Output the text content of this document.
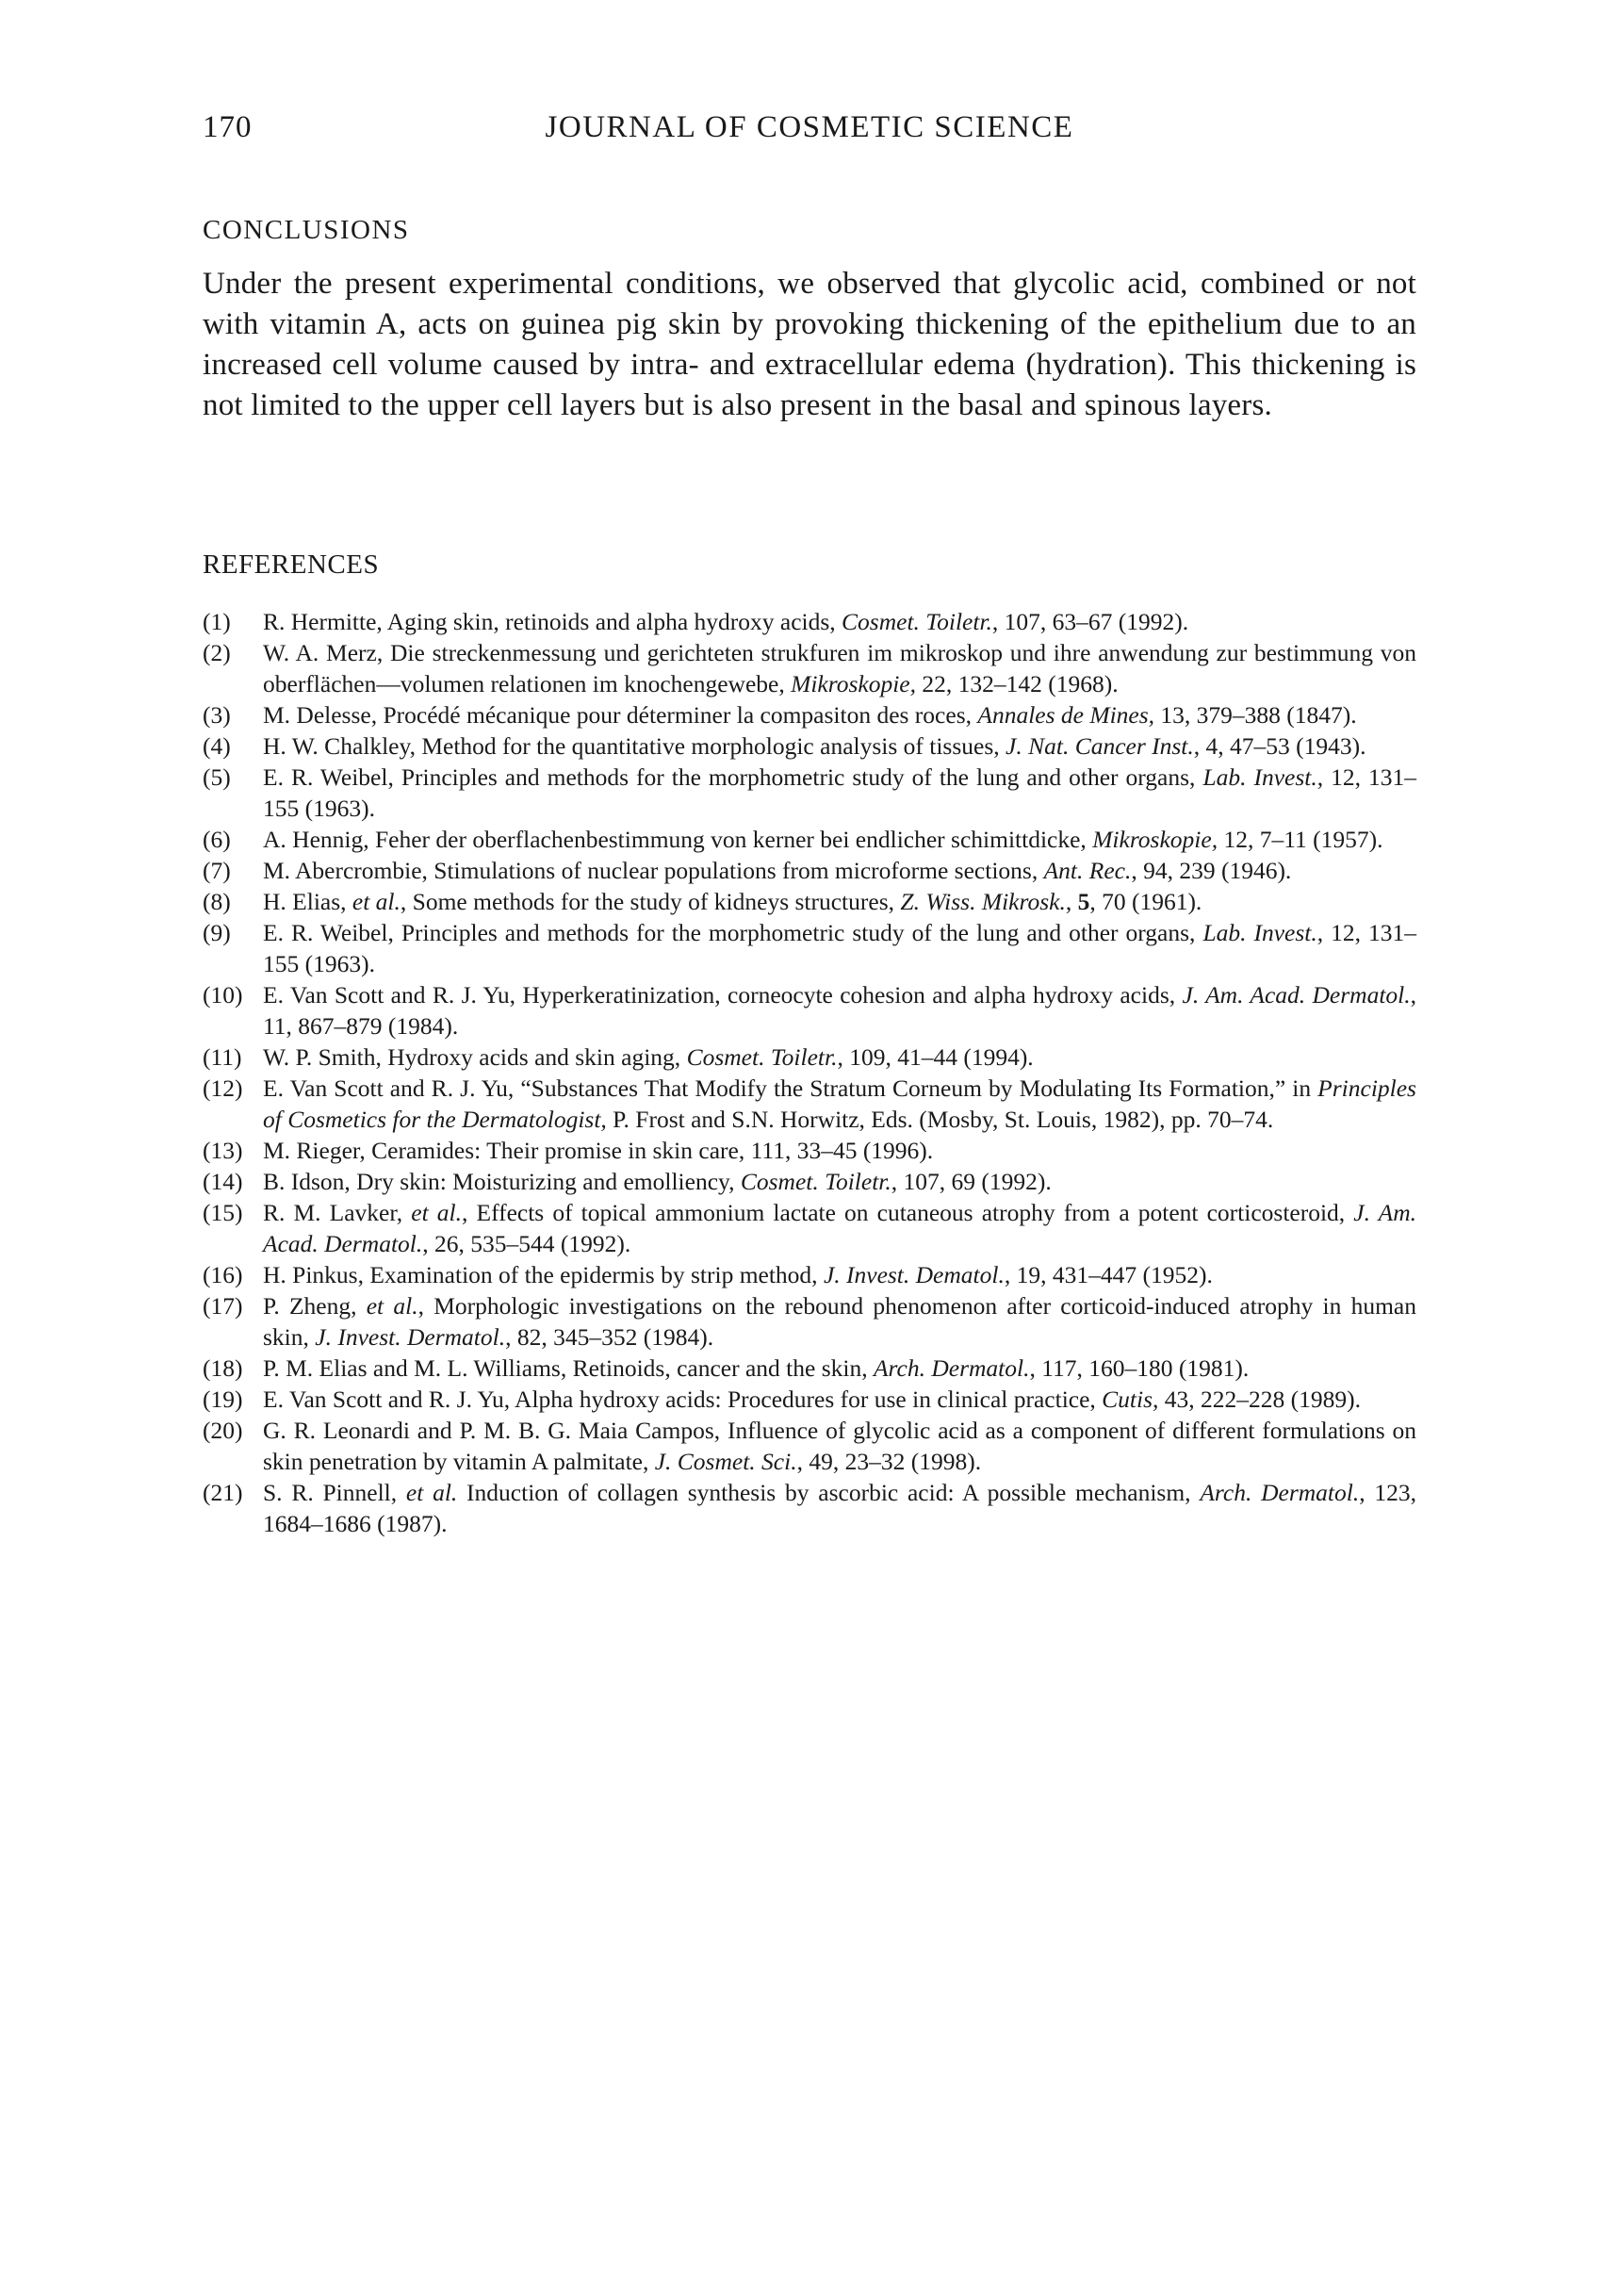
170	JOURNAL OF COSMETIC SCIENCE
CONCLUSIONS

Under the present experimental conditions, we observed that glycolic acid, combined or not with vitamin A, acts on guinea pig skin by provoking thickening of the epithelium due to an increased cell volume caused by intra- and extracellular edema (hydration). This thickening is not limited to the upper cell layers but is also present in the basal and spinous layers.

REFERENCES
(1)	R. Hermitte, Aging skin, retinoids and alpha hydroxy acids, Cosmet. Toiletr., 107, 63–67 (1992).
(2)	W. A. Merz, Die streckenmessung und gerichteten strukfuren im mikroskop und ihre anwendung zur bestimmung von oberflächen—volumen relationen im knochengewebe, Mikroskopie, 22, 132–142 (1968).
(3)	M. Delesse, Procédé mécanique pour déterminer la compasiton des roces, Annales de Mines, 13, 379–388 (1847).
(4)	H. W. Chalkley, Method for the quantitative morphologic analysis of tissues, J. Nat. Cancer Inst., 4, 47–53 (1943).
(5)	E. R. Weibel, Principles and methods for the morphometric study of the lung and other organs, Lab. Invest., 12, 131–155 (1963).
(6)	A. Hennig, Feher der oberflachenbestimmung von kerner bei endlicher schimittdicke, Mikroskopie, 12, 7–11 (1957).
(7)	M. Abercrombie, Stimulations of nuclear populations from microforme sections, Ant. Rec., 94, 239 (1946).
(8)	H. Elias, et al., Some methods for the study of kidneys structures, Z. Wiss. Mikrosk., 5, 70 (1961).
(9)	E. R. Weibel, Principles and methods for the morphometric study of the lung and other organs, Lab. Invest., 12, 131–155 (1963).
(10) E. Van Scott and R. J. Yu, Hyperkeratinization, corneocyte cohesion and alpha hydroxy acids, J. Am. Acad. Dermatol., 11, 867–879 (1984).
(11) W. P. Smith, Hydroxy acids and skin aging, Cosmet. Toiletr., 109, 41–44 (1994).
(12) E. Van Scott and R. J. Yu, “Substances That Modify the Stratum Corneum by Modulating Its Formation,” in Principles of Cosmetics for the Dermatologist, P. Frost and S.N. Horwitz, Eds. (Mosby, St. Louis, 1982), pp. 70–74.
(13) M. Rieger, Ceramides: Their promise in skin care, 111, 33–45 (1996).
(14) B. Idson, Dry skin: Moisturizing and emolliency, Cosmet. Toiletr., 107, 69 (1992).
(15) R. M. Lavker, et al., Effects of topical ammonium lactate on cutaneous atrophy from a potent corticosteroid, J. Am. Acad. Dermatol., 26, 535–544 (1992).
(16) H. Pinkus, Examination of the epidermis by strip method, J. Invest. Dematol., 19, 431–447 (1952).
(17) P. Zheng, et al., Morphologic investigations on the rebound phenomenon after corticoid-induced atrophy in human skin, J. Invest. Dermatol., 82, 345–352 (1984).
(18) P. M. Elias and M. L. Williams, Retinoids, cancer and the skin, Arch. Dermatol., 117, 160–180 (1981).
(19) E. Van Scott and R. J. Yu, Alpha hydroxy acids: Procedures for use in clinical practice, Cutis, 43, 222–228 (1989).
(20) G. R. Leonardi and P. M. B. G. Maia Campos, Influence of glycolic acid as a component of different formulations on skin penetration by vitamin A palmitate, J. Cosmet. Sci., 49, 23–32 (1998).
(21) S. R. Pinnell, et al. Induction of collagen synthesis by ascorbic acid: A possible mechanism, Arch. Dermatol., 123, 1684–1686 (1987).
